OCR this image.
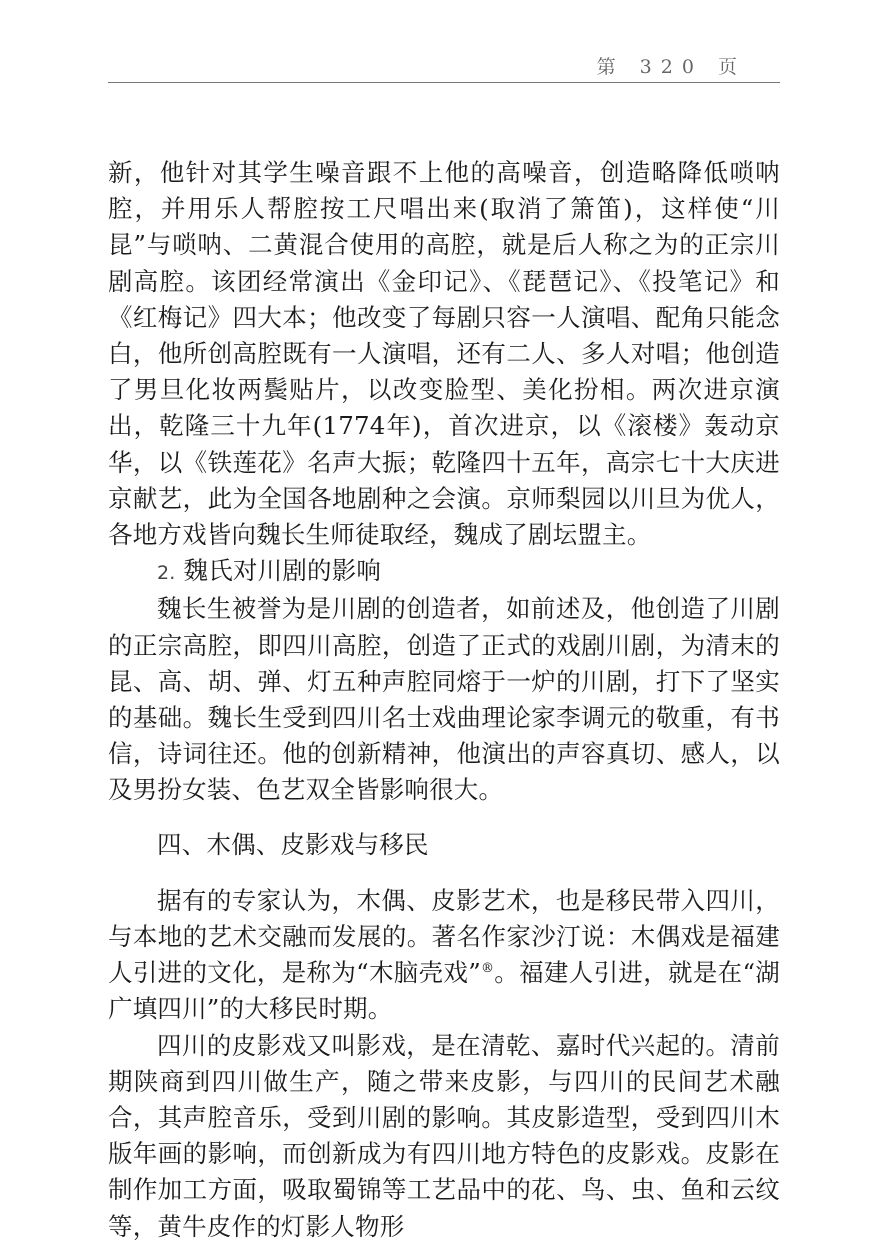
第 320 页

新，他针对其学生噪音跟不上他的高噪音，创造略降低唢呐腔，并用乐人帮腔按工尺唱出来(取消了箫笛)，这样使“川昆”与唢呐、二黄混合使用的高腔，就是后人称之为的正宗川剧高腔。该团经常演出《金印记》、《琵琶记》、《投笔记》和《红梅记》四大本；他改变了每剧只容一人演唱、配角只能念白，他所创高腔既有一人演唱，还有二人、多人对唱；他创造了男旦化妆两鬓贴片，以改变脸型、美化扮相。两次进京演出，乾隆三十九年(1774年)，首次进京，以《滚楼》轰动京华，以《铁莲花》名声大振；乾隆四十五年，高宗七十大庆进京献艺，此为全国各地剧种之会演。京师梨园以川旦为优人，各地方戏皆向魏长生师徒取经，魏成了剧坛盟主。

2. 魏氏对川剧的影响

魏长生被誉为是川剧的创造者，如前述及，他创造了川剧的正宗高腔，即四川高腔，创造了正式的戏剧川剧，为清末的昆、高、胡、弹、灯五种声腔同熔于一炉的川剧，打下了坚实的基础。魏长生受到四川名士戏曲理论家李调元的敬重，有书信，诗词往还。他的创新精神，他演出的声容真切、感人，以及男扮女装、色艺双全皆影响很大。

四、木偶、皮影戏与移民

据有的专家认为，木偶、皮影艺术，也是移民带入四川，与本地的艺术交融而发展的。著名作家沙汀说：木偶戏是福建人引进的文化，是称为“木脑壳戏”®。福建人引进，就是在“湖广填四川”的大移民时期。

四川的皮影戏又叫影戏，是在清乾、嘉时代兴起的。清前期陕商到四川做生产，随之带来皮影，与四川的民间艺术融合，其声腔音乐，受到川剧的影响。其皮影造型，受到四川木版年画的影响，而创新成为有四川地方特色的皮影戏。皮影在制作加工方面，吸取蜀锦等工艺品中的花、鸟、虫、鱼和云纹等，黄牛皮作的灯影人物形
